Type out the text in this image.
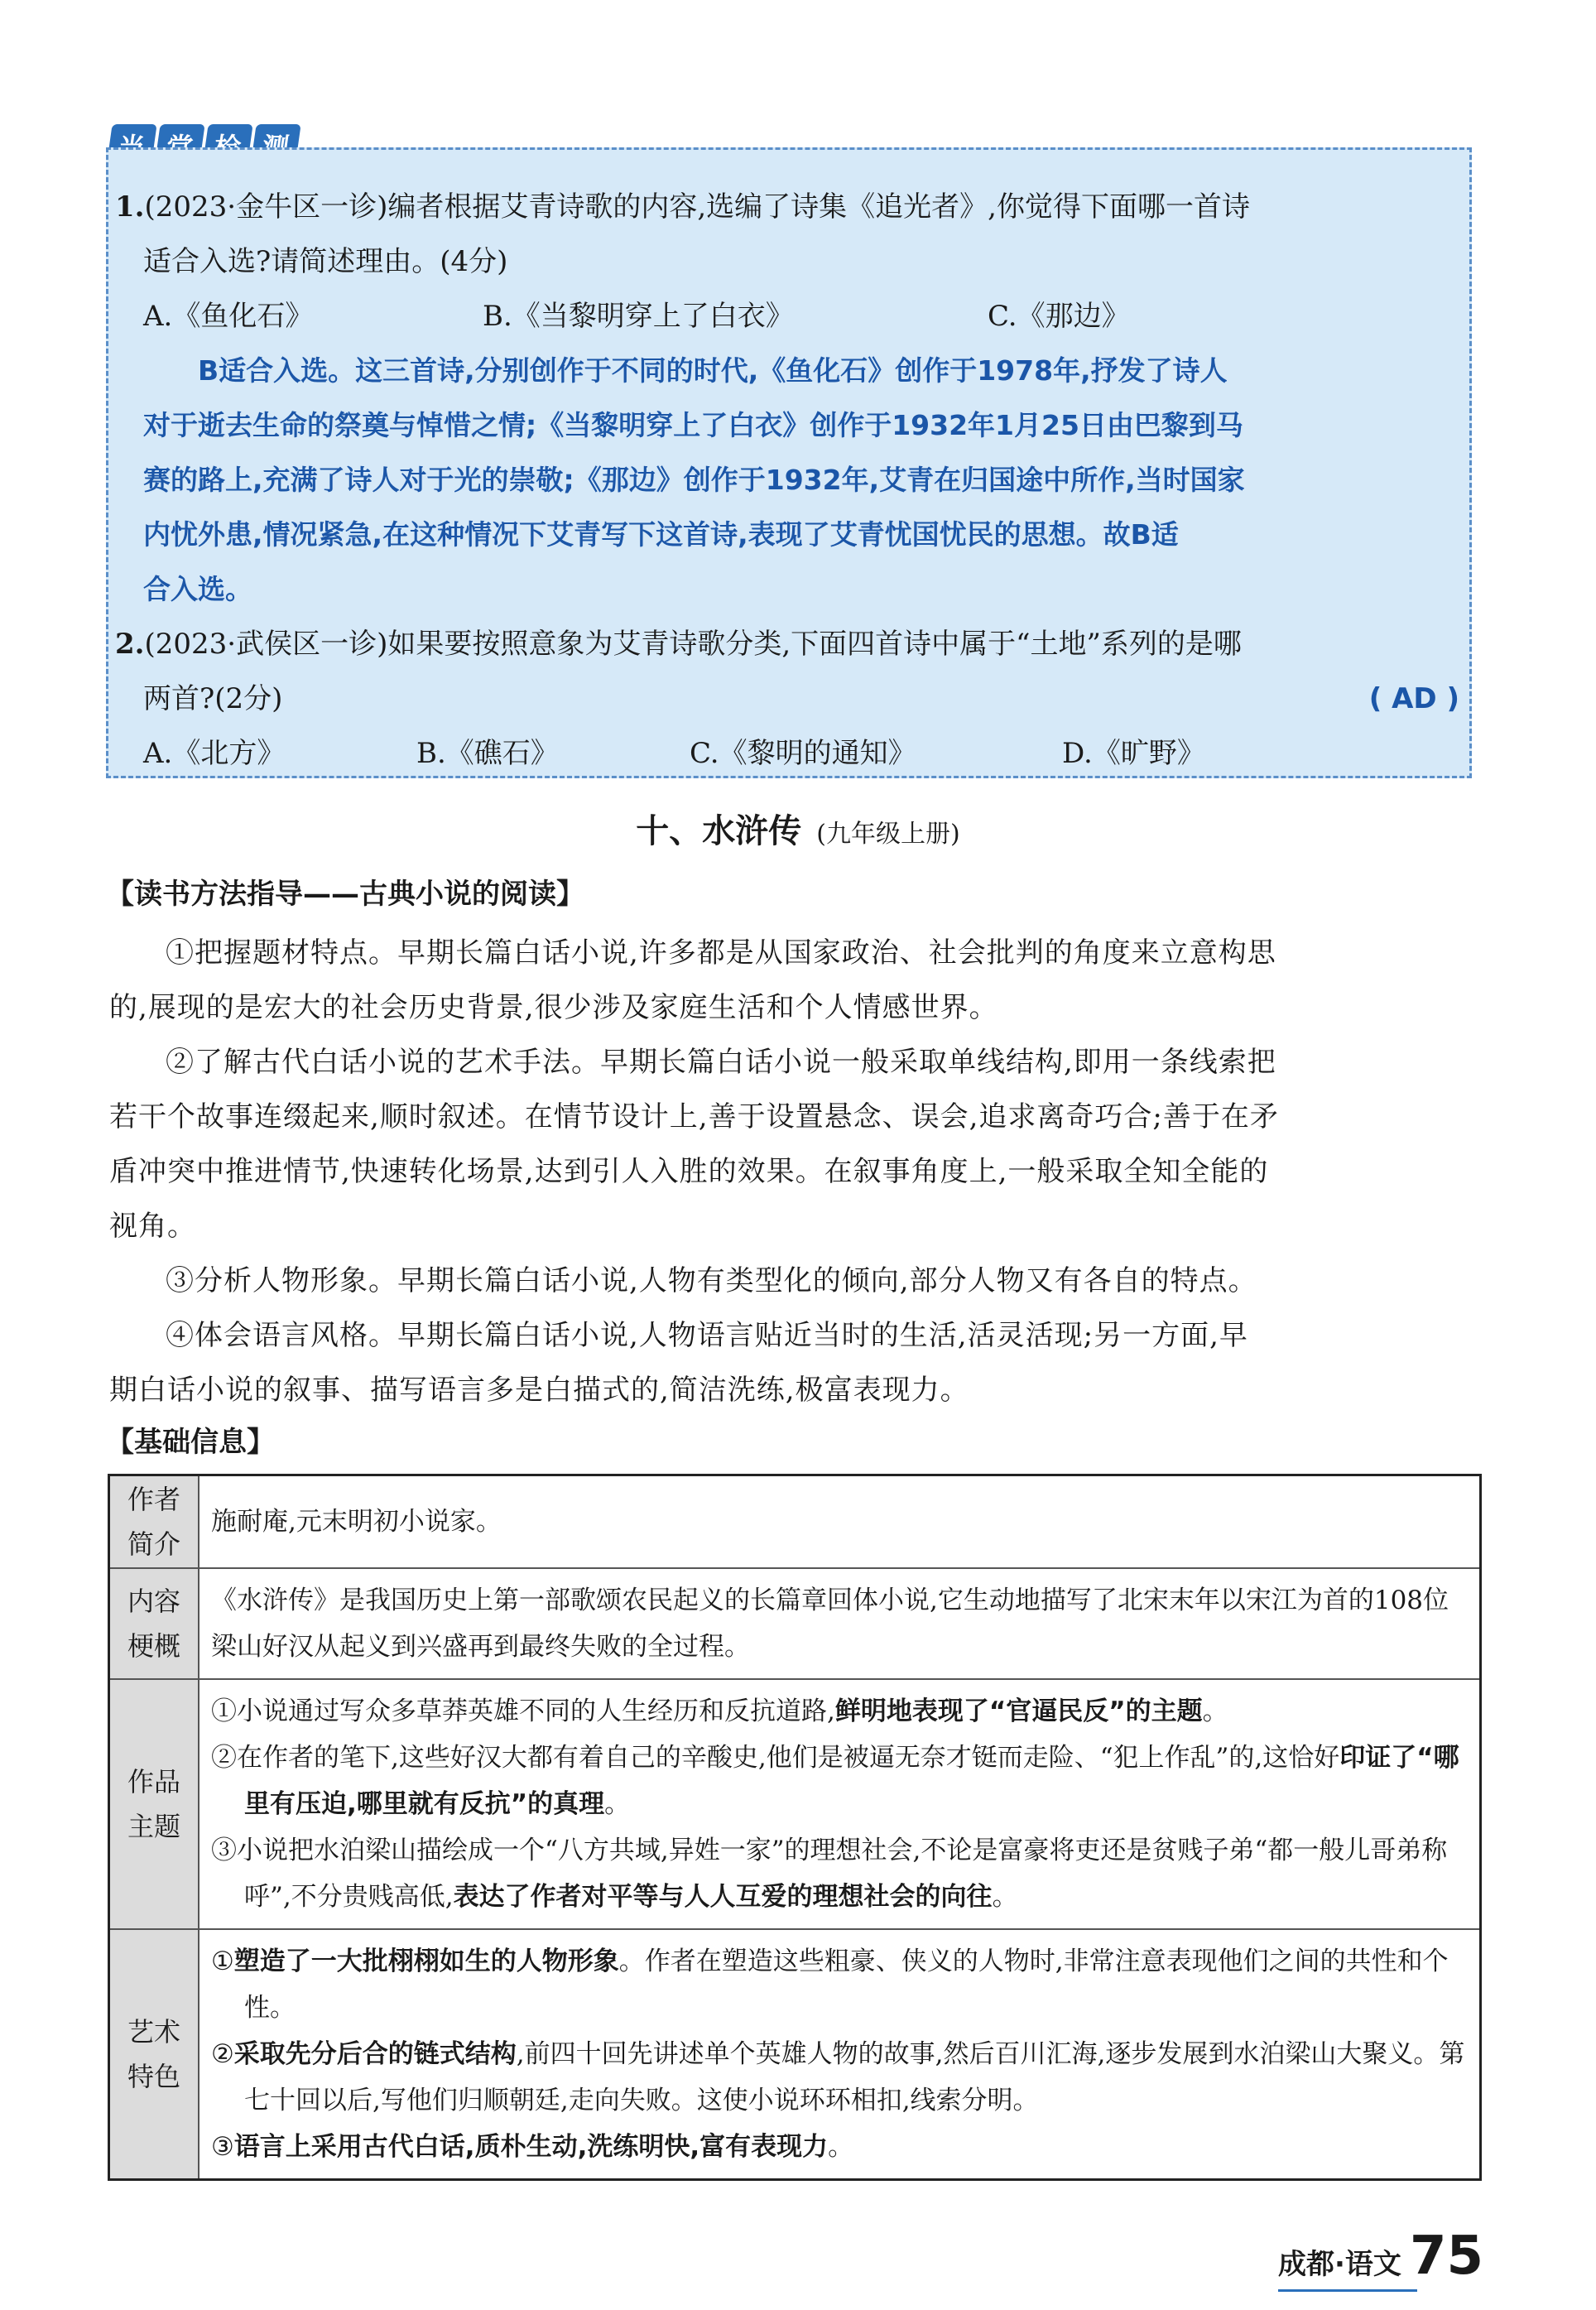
1.(2023·金牛区一诊)编者根据艾青诗歌的内容,选编了诗集《追光者》,你觉得下面哪一首诗
适合入选?请简述理由。(4分)
A.《鱼化石》	B.《当黎明穿上了白衣》	C.《那边》

B适合入选。这三首诗,分别创作于不同的时代,《鱼化石》创作于1978年,抒发了诗人

对于逝去生命的祭奠与悼惜之情;《当黎明穿上了白衣》创作于1932年1月25日由巴黎到马

赛的路上,充满了诗人对于光的崇敬;《那边》创作于1932年,艾青在归国途中所作,当时国家

内忧外患,情况紧急,在这种情况下艾青写下这首诗,表现了艾青忧国忧民的思想。故B适

合入选。

2.(2023·武侯区一诊)如果要按照意象为艾青诗歌分类,下面四首诗中属于“土地”系列的是哪
两首?(2分)	( AD )
A.《北方》	B.《礁石》	C.《黎明的通知》	D.《旷野》
十、水浒传 (九年级上册)
【读书方法指导——古典小说的阅读】

①把握题材特点。早期长篇白话小说,许多都是从国家政治、社会批判的角度来立意构思

的,展现的是宏大的社会历史背景,很少涉及家庭生活和个人情感世界。

②了解古代白话小说的艺术手法。早期长篇白话小说一般采取单线结构,即用一条线索把

若干个故事连缀起来,顺时叙述。在情节设计上,善于设置悬念、误会,追求离奇巧合;善于在矛

盾冲突中推进情节,快速转化场景,达到引人入胜的效果。在叙事角度上,一般采取全知全能的

视角。

③分析人物形象。早期长篇白话小说,人物有类型化的倾向,部分人物又有各自的特点。

④体会语言风格。早期长篇白话小说,人物语言贴近当时的生活,活灵活现;另一方面,早

期白话小说的叙事、描写语言多是白描式的,简洁洗练,极富表现力。

【基础信息】
作者
简介	施耐庵,元末明初小说家。
内容
梗概	《水浒传》是我国历史上第一部歌颂农民起义的长篇章回体小说,它生动地描写了北宋末年以宋江为首的108位梁山好汉从起义到兴盛再到最终失败的全过程。
作品
主题	①小说通过写众多草莽英雄不同的人生经历和反抗道路,鲜明地表现了“官逼民反”的主题。
②在作者的笔下,这些好汉大都有着自己的辛酸史,他们是被逼无奈才铤而走险、“犯上作乱”的,这恰好印证了“哪里有压迫,哪里就有反抗”的真理。
③小说把水泊梁山描绘成一个“八方共域,异姓一家”的理想社会,不论是富豪将吏还是贫贱子弟“都一般儿哥弟称呼”,不分贵贱高低,表达了作者对平等与人人互爱的理想社会的向往。

艺术
特色	①塑造了一大批栩栩如生的人物形象。作者在塑造这些粗豪、侠义的人物时,非常注意表现他们之间的共性和个性。
②采取先分后合的链式结构,前四十回先讲述单个英雄人物的故事,然后百川汇海,逐步发展到水泊梁山大聚义。第七十回以后,写他们归顺朝廷,走向失败。这使小说环环相扣,线索分明。
③语言上采用古代白话,质朴生动,洗练明快,富有表现力。
成都·语文 75
